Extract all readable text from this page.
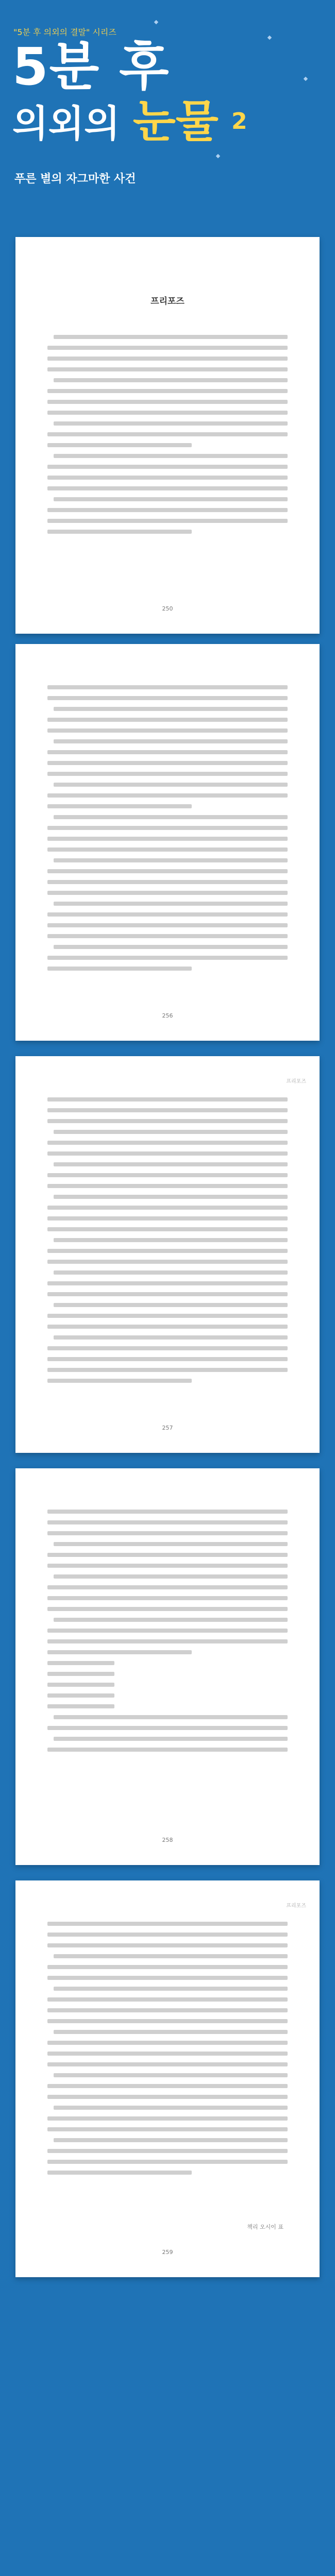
"5분 후 의외의 결말" 시리즈
5분 후
의외의 눈물 $^2$
푸른 별의 자그마한 사건
프리포즈
250
256
프리포즈
257
258
프리포즈
책리 오시이 표
259
